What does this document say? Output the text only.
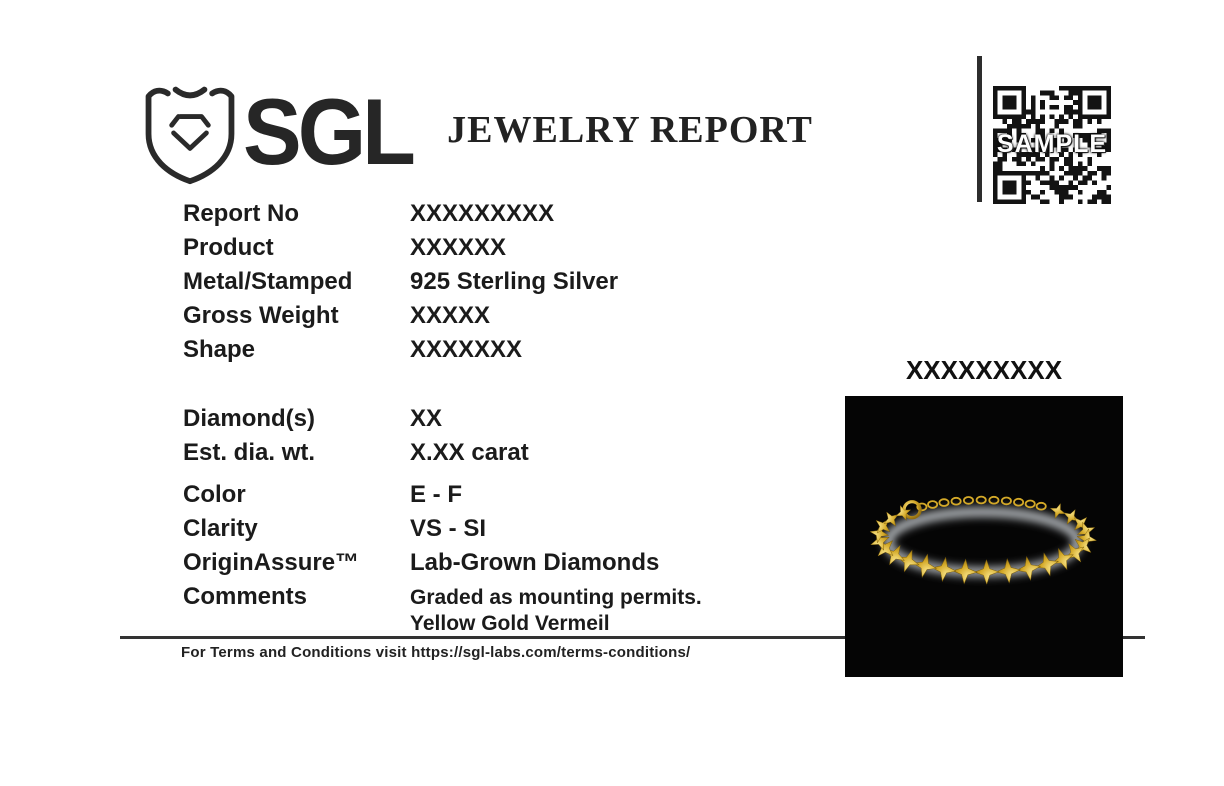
SGL JEWELRY REPORT	SAMPLE
Report No	XXXXXXXXX
Product	XXXXXX
Metal/Stamped	925 Sterling Silver
Gross Weight	XXXXX
Shape	XXXXXXX
Diamond(s)	XX
Est. dia. wt.	X.XX carat
Color	E - F
Clarity	VS - SI
OriginAssure™	Lab-Grown Diamonds
Comments	Graded as mounting permits.
Yellow Gold Vermeil
For Terms and Conditions visit https://sgl-labs.com/terms-conditions/
XXXXXXXXX
